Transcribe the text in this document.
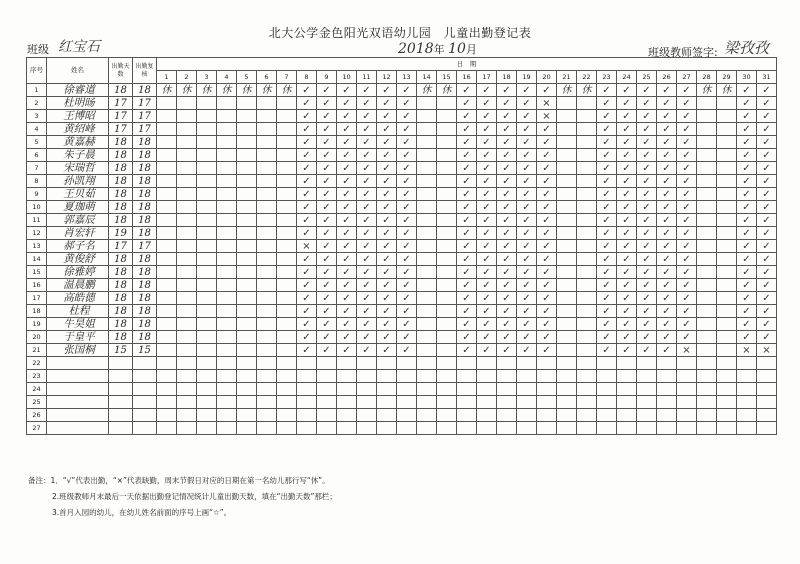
北大公学金色阳光双语幼儿园　儿童出勤登记表
班级 红宝石	2018年 10月	班级教师签字: 梁孜孜
序号	姓名	出勤天数	出勤复核	日　期																														
				1	2	3	4	5	6	7	8	9	10	11	12	13	14	15	16	17	18	19	20	21	22	23	24	25	26	27	28	29	30	31
1	徐睿道	18	18	休	休	休	休	休	休	休	✓	✓	✓	✓	✓	✓	休	休	✓	✓	✓	✓	✓	休	休	✓	✓	✓	✓	✓	休	休	✓	✓
2	杜明旸	17	17								✓	✓	✓	✓	✓	✓			✓	✓	✓	✓	×			✓	✓	✓	✓	✓			✓	✓
3	王博昭	17	17								✓	✓	✓	✓	✓	✓			✓	✓	✓	✓	×			✓	✓	✓	✓	✓			✓	✓
4	黄绍峰	17	17								✓	✓	✓	✓	✓	✓			✓	✓	✓	✓	✓			✓	✓	✓	✓	✓			✓	✓
5	黄嘉赫	18	18								✓	✓	✓	✓	✓	✓			✓	✓	✓	✓	✓			✓	✓	✓	✓	✓			✓	✓
6	朱子晨	18	18								✓	✓	✓	✓	✓	✓			✓	✓	✓	✓	✓			✓	✓	✓	✓	✓			✓	✓
7	宋瑞哲	18	18								✓	✓	✓	✓	✓	✓			✓	✓	✓	✓	✓			✓	✓	✓	✓	✓			✓	✓
8	孙凯翔	18	18								✓	✓	✓	✓	✓	✓			✓	✓	✓	✓	✓			✓	✓	✓	✓	✓			✓	✓
9	王贝茹	18	18								✓	✓	✓	✓	✓	✓			✓	✓	✓	✓	✓			✓	✓	✓	✓	✓			✓	✓
10	夏珈萌	18	18								✓	✓	✓	✓	✓	✓			✓	✓	✓	✓	✓			✓	✓	✓	✓	✓			✓	✓
11	郭嘉辰	18	18								✓	✓	✓	✓	✓	✓			✓	✓	✓	✓	✓			✓	✓	✓	✓	✓			✓	✓
12	肖宏轩	19	18								✓	✓	✓	✓	✓	✓			✓	✓	✓	✓	✓			✓	✓	✓	✓	✓			✓	✓
13	郝子名	17	17								×	✓	✓	✓	✓	✓			✓	✓	✓	✓	✓			✓	✓	✓	✓	✓			✓	✓
14	黄俊舒	18	18								✓	✓	✓	✓	✓	✓			✓	✓	✓	✓	✓			✓	✓	✓	✓	✓			✓	✓
15	徐雅婷	18	18								✓	✓	✓	✓	✓	✓			✓	✓	✓	✓	✓			✓	✓	✓	✓	✓			✓	✓
16	温晨鹏	18	18								✓	✓	✓	✓	✓	✓			✓	✓	✓	✓	✓			✓	✓	✓	✓	✓			✓	✓
17	高皓德	18	18								✓	✓	✓	✓	✓	✓			✓	✓	✓	✓	✓			✓	✓	✓	✓	✓			✓	✓
18	杜程	18	18								✓	✓	✓	✓	✓	✓			✓	✓	✓	✓	✓			✓	✓	✓	✓	✓			✓	✓
19	牛昊姐	18	18								✓	✓	✓	✓	✓	✓			✓	✓	✓	✓	✓			✓	✓	✓	✓	✓			✓	✓
20	于皇平	18	18								✓	✓	✓	✓	✓	✓			✓	✓	✓	✓	✓			✓	✓	✓	✓	✓			✓	✓
21	张国桐	15	15								✓	✓	✓	✓	✓	✓			✓	✓	✓	✓	✓			✓	✓	✓	✓	×			×	×
22																																		
23																																		
24																																		
25																																		
26																																		
27																																		
备注：1．“√”代表出勤，“×”代表缺勤，周末节假日对应的日期在第一名幼儿那行写“休”。
2.班级教师月末最后一天依据出勤登记情况统计儿童出勤天数，填在“出勤天数”那栏；
3.首月入园的幼儿，在幼儿姓名前面的序号上画“☆”。
